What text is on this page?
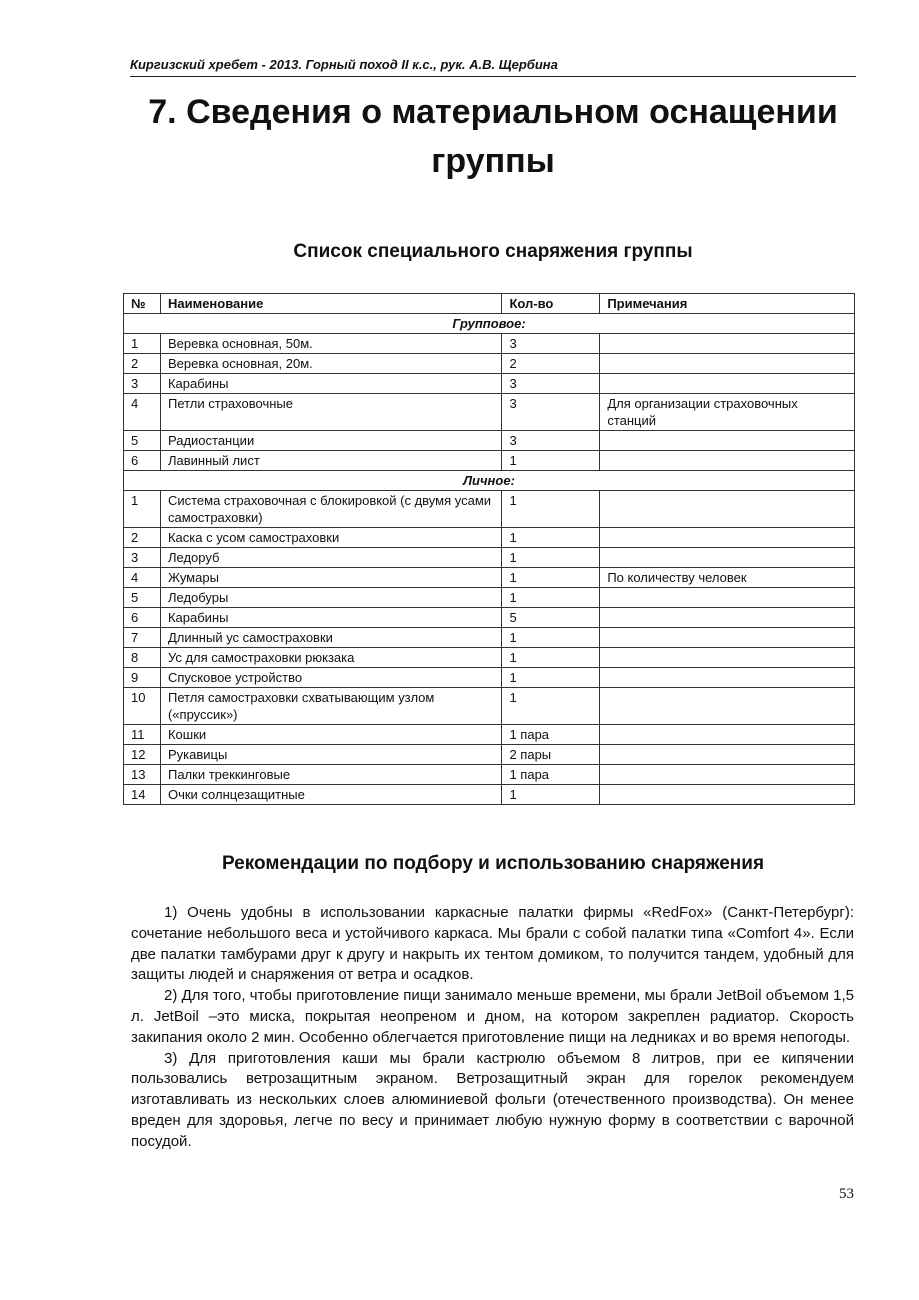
Киргизский хребет - 2013. Горный поход II к.с., рук. А.В. Щербина
7. Сведения о материальном оснащении группы
Список специального снаряжения группы
№	Наименование	Кол-во	Примечания
Групповое:			
1	Веревка основная, 50м.	3	
2	Веревка основная, 20м.	2	
3	Карабины	3	
4	Петли страховочные	3	Для организации страховочных станций
5	Радиостанции	3	
6	Лавинный лист	1	
Личное:			
1	Система страховочная с блокировкой (с двумя усами самостраховки)	1	
2	Каска с усом самостраховки	1	
3	Ледоруб	1	
4	Жумары	1	По количеству человек
5	Ледобуры	1	
6	Карабины	5	
7	Длинный ус самостраховки	1	
8	Ус для самостраховки рюкзака	1	
9	Спусковое устройство	1	
10	Петля самостраховки схватывающим узлом («пруссик»)	1	
11	Кошки	1 пара	
12	Рукавицы	2 пары	
13	Палки треккинговые	1 пара	
14	Очки солнцезащитные	1	
Рекомендации по подбору и использованию снаряжения

1) Очень удобны в использовании каркасные палатки фирмы «RedFox» (Санкт-Петербург): сочетание небольшого веса и устойчивого каркаса. Мы брали с собой палатки типа «Comfort 4». Если две палатки тамбурами друг к другу и накрыть их тентом домиком, то получится тандем, удобный для защиты людей и снаряжения от ветра и осадков.

2) Для того, чтобы приготовление пищи занимало меньше времени, мы брали JetBoil объемом 1,5 л. JetBoil –это миска, покрытая неопреном и дном, на котором закреплен радиатор. Скорость закипания около 2 мин. Особенно облегчается приготовление пищи на ледниках и во время непогоды.

3) Для приготовления каши мы брали кастрюлю объемом 8 литров, при ее кипячении пользовались ветрозащитным экраном. Ветрозащитный экран для горелок рекомендуем изготавливать из нескольких слоев алюминиевой фольги (отечественного производства). Он менее вреден для здоровья, легче по весу и принимает любую нужную форму в соответствии с варочной посудой.

53
